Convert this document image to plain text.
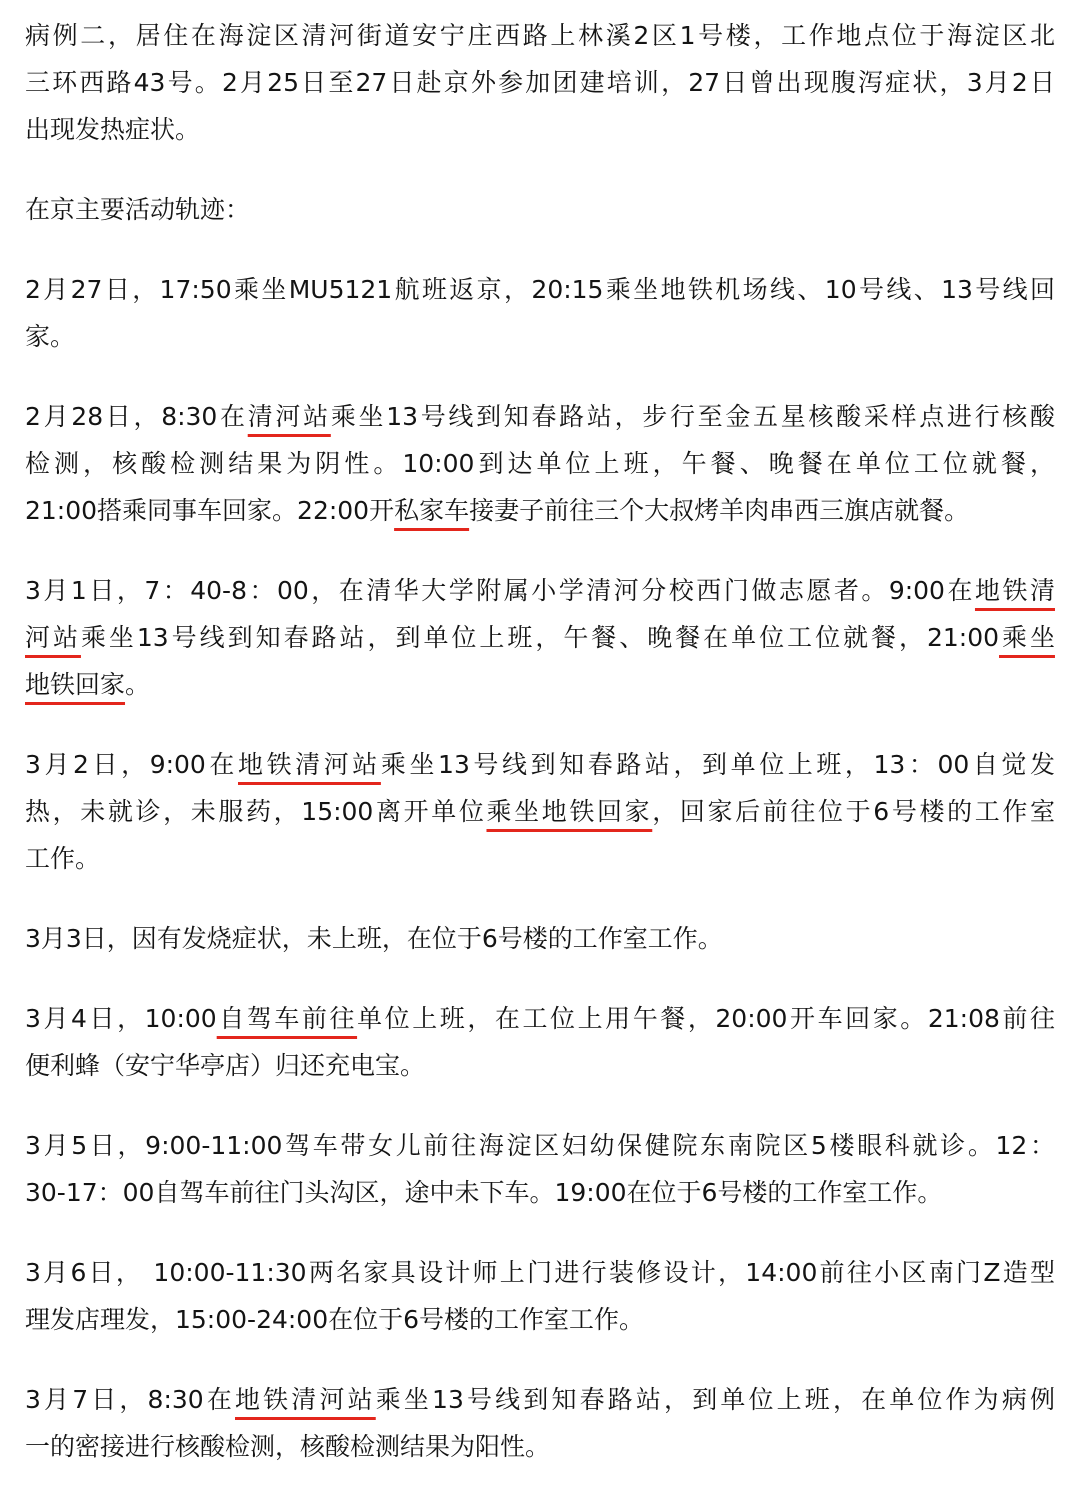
病例二，居住在海淀区清河街道安宁庄西路上林溪2区1号楼，工作地点位于海淀区北
三环西路43号。2月25日至27日赴京外参加团建培训，27日曾出现腹泻症状，3月2日
出现发热症状。
在京主要活动轨迹：
2月27日，17:50乘坐MU5121航班返京，20:15乘坐地铁机场线、10号线、13号线回
家。
2月28日，8:30在清河站乘坐13号线到知春路站，步行至金五星核酸采样点进行核酸
检测，核酸检测结果为阴性。10:00到达单位上班，午餐、晚餐在单位工位就餐，
21:00搭乘同事车回家。22:00开私家车接妻子前往三个大叔烤羊肉串西三旗店就餐。
3月1日，7：40-8：00，在清华大学附属小学清河分校西门做志愿者。9:00在地铁清
河站乘坐13号线到知春路站，到单位上班，午餐、晚餐在单位工位就餐，21:00乘坐
地铁回家。
3月2日，9:00在地铁清河站乘坐13号线到知春路站，到单位上班，13：00自觉发
热，未就诊，未服药，15:00离开单位乘坐地铁回家，回家后前往位于6号楼的工作室
工作。
3月3日，因有发烧症状，未上班，在位于6号楼的工作室工作。
3月4日，10:00自驾车前往单位上班，在工位上用午餐，20:00开车回家。21:08前往
便利蜂（安宁华亭店）归还充电宝。
3月5日，9:00-11:00驾车带女儿前往海淀区妇幼保健院东南院区5楼眼科就诊。12：
30-17：00自驾车前往门头沟区，途中未下车。19:00在位于6号楼的工作室工作。
3月6日， 10:00-11:30两名家具设计师上门进行装修设计，14:00前往小区南门Z造型
理发店理发，15:00-24:00在位于6号楼的工作室工作。
3月7日，8:30在地铁清河站乘坐13号线到知春路站，到单位上班，在单位作为病例
一的密接进行核酸检测，核酸检测结果为阳性。
